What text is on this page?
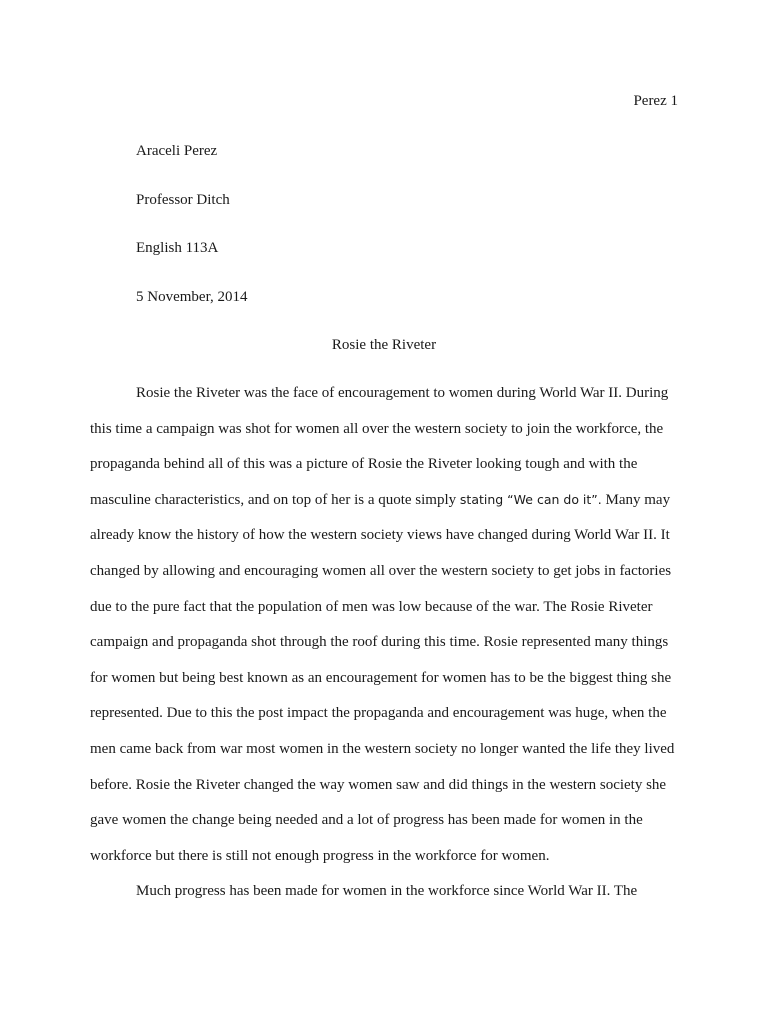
Perez 1
Araceli Perez
Professor Ditch
English 113A
5 November, 2014
Rosie the Riveter
Rosie the Riveter was the face of encouragement to women during World War II. During
this time a campaign was shot for women all over the western society to join the workforce, the
propaganda behind all of this was a picture of Rosie the Riveter looking tough and with the
masculine characteristics, and on top of her is a quote simply stating “We can do it”. Many may
already know the history of how the western society views have changed during World War II. It
changed by allowing and encouraging women all over the western society to get jobs in factories
due to the pure fact that the population of men was low because of the war. The Rosie Riveter
campaign and propaganda shot through the roof during this time. Rosie represented many things
for women but being best known as an encouragement for women has to be the biggest thing she
represented. Due to this the post impact the propaganda and encouragement was huge, when the
men came back from war most women in the western society no longer wanted the life they lived
before. Rosie the Riveter changed the way women saw and did things in the western society she
gave women the change being needed and a lot of progress has been made for women in the
workforce but there is still not enough progress in the workforce for women.
Much progress has been made for women in the workforce since World War II. The
